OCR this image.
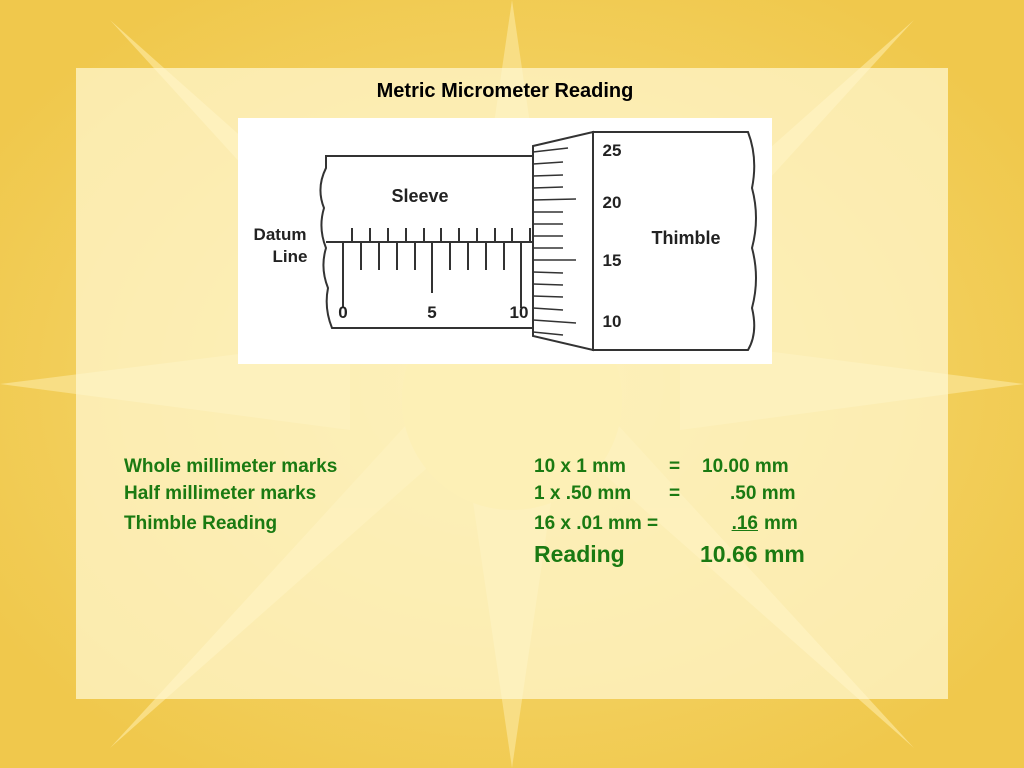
Metric Micrometer Reading
Sleeve
Thimble
Datum
Line
0	5	10
25
20
15
10
Whole millimeter marks	10 x 1 mm = 10.00 mm
Half millimeter marks	1 x .50 mm =	.50 mm
Thimble Reading	16 x .01 mm =	.16 mm
Reading	10.66 mm
